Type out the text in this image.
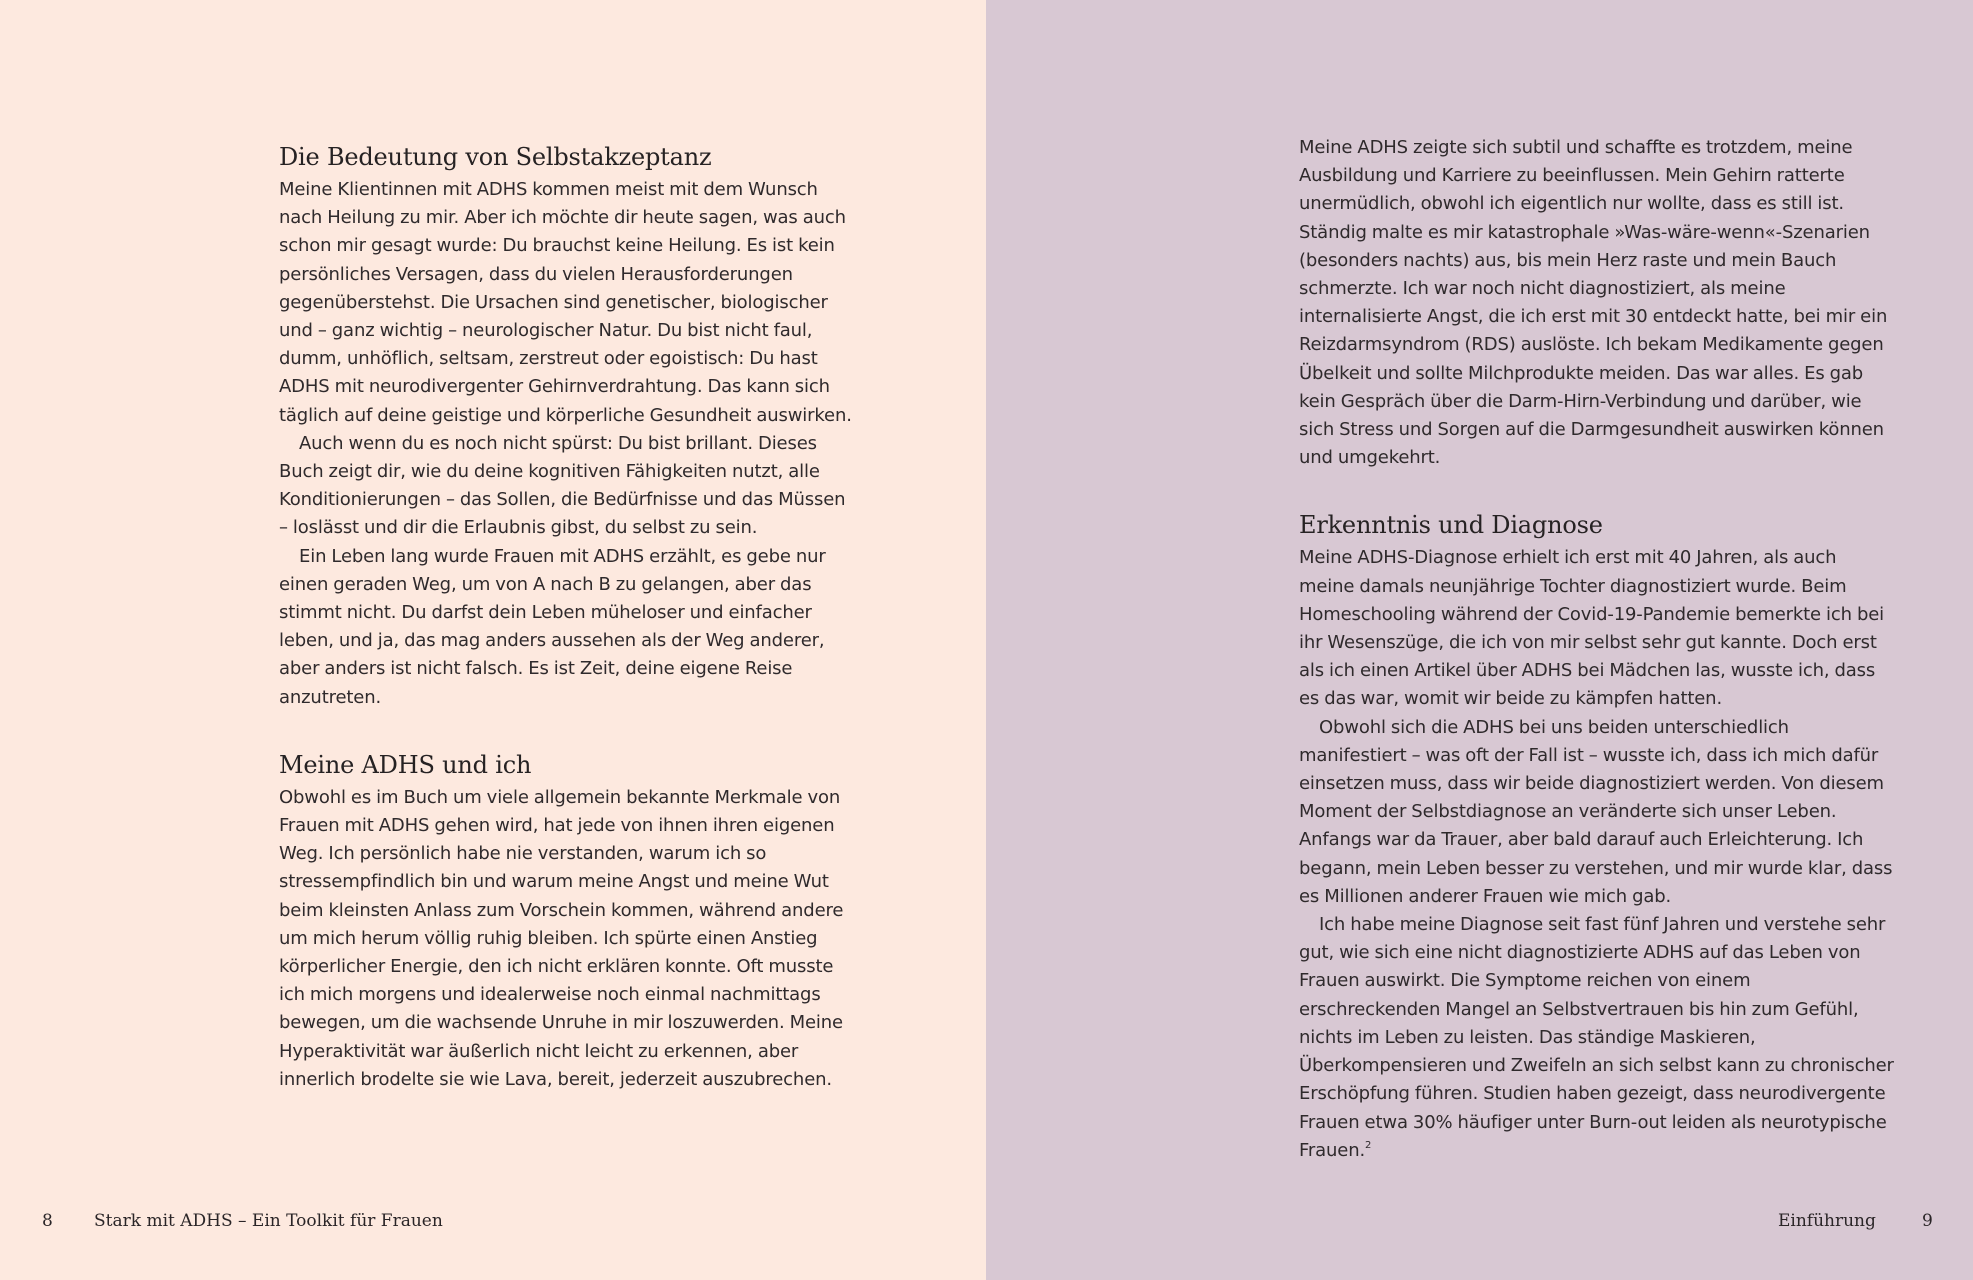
Die Bedeutung von Selbstakzeptanz

Meine Klientinnen mit ADHS kommen meist mit dem Wunsch nach Heilung zu mir. Aber ich möchte dir heute sagen, was auch schon mir gesagt wurde: Du brauchst keine Heilung. Es ist kein persönliches Versagen, dass du vielen Herausforderungen gegenüberstehst. Die Ursachen sind genetischer, biologischer und – ganz wichtig – neurologischer Natur. Du bist nicht faul, dumm, unhöflich, seltsam, zerstreut oder egoistisch: Du hast ADHS mit neurodivergenter Gehirnverdrahtung. Das kann sich täglich auf deine geistige und körperliche Gesundheit auswirken.

Auch wenn du es noch nicht spürst: Du bist brillant. Dieses Buch zeigt dir, wie du deine kognitiven Fähigkeiten nutzt, alle Konditionierungen – das Sollen, die Bedürfnisse und das Müssen – loslässt und dir die Erlaubnis gibst, du selbst zu sein.

Ein Leben lang wurde Frauen mit ADHS erzählt, es gebe nur einen geraden Weg, um von A nach B zu gelangen, aber das stimmt nicht. Du darfst dein Leben müheloser und einfacher leben, und ja, das mag anders aussehen als der Weg anderer, aber anders ist nicht falsch. Es ist Zeit, deine eigene Reise anzutreten.

Meine ADHS und ich

Obwohl es im Buch um viele allgemein bekannte Merkmale von Frauen mit ADHS gehen wird, hat jede von ihnen ihren eigenen Weg. Ich persönlich habe nie verstanden, warum ich so stressempfindlich bin und warum meine Angst und meine Wut beim kleinsten Anlass zum Vorschein kommen, während andere um mich herum völlig ruhig bleiben. Ich spürte einen Anstieg körperlicher Energie, den ich nicht erklären konnte. Oft musste ich mich morgens und idealerweise noch einmal nachmittags bewegen, um die wachsende Unruhe in mir loszuwerden. Meine Hyperaktivität war äußerlich nicht leicht zu erkennen, aber innerlich brodelte sie wie Lava, bereit, jederzeit auszubrechen.

8 Stark mit ADHS – Ein Toolkit für Frauen

Meine ADHS zeigte sich subtil und schaffte es trotzdem, meine Ausbildung und Karriere zu beeinflussen. Mein Gehirn ratterte unermüdlich, obwohl ich eigentlich nur wollte, dass es still ist. Ständig malte es mir katastrophale »Was-wäre-wenn«-Szenarien (besonders nachts) aus, bis mein Herz raste und mein Bauch schmerzte. Ich war noch nicht diagnostiziert, als meine internalisierte Angst, die ich erst mit 30 entdeckt hatte, bei mir ein Reizdarmsyndrom (RDS) auslöste. Ich bekam Medikamente gegen Übelkeit und sollte Milchprodukte meiden. Das war alles. Es gab kein Gespräch über die Darm-Hirn-Verbindung und darüber, wie sich Stress und Sorgen auf die Darmgesundheit auswirken können und umgekehrt.

Erkenntnis und Diagnose

Meine ADHS-Diagnose erhielt ich erst mit 40 Jahren, als auch meine damals neunjährige Tochter diagnostiziert wurde. Beim Homeschooling während der Covid-19-Pandemie bemerkte ich bei ihr Wesenszüge, die ich von mir selbst sehr gut kannte. Doch erst als ich einen Artikel über ADHS bei Mädchen las, wusste ich, dass es das war, womit wir beide zu kämpfen hatten.

Obwohl sich die ADHS bei uns beiden unterschiedlich manifestiert – was oft der Fall ist – wusste ich, dass ich mich dafür einsetzen muss, dass wir beide diagnostiziert werden. Von diesem Moment der Selbstdiagnose an veränderte sich unser Leben. Anfangs war da Trauer, aber bald darauf auch Erleichterung. Ich begann, mein Leben besser zu verstehen, und mir wurde klar, dass es Millionen anderer Frauen wie mich gab.

Ich habe meine Diagnose seit fast fünf Jahren und verstehe sehr gut, wie sich eine nicht diagnostizierte ADHS auf das Leben von Frauen auswirkt. Die Symptome reichen von einem erschreckenden Mangel an Selbstvertrauen bis hin zum Gefühl, nichts im Leben zu leisten. Das ständige Maskieren, Überkompensieren und Zweifeln an sich selbst kann zu chronischer Erschöpfung führen. Studien haben gezeigt, dass neurodivergente Frauen etwa 30% häufiger unter Burn-out leiden als neurotypische Frauen.$^2$

Einführung	9
